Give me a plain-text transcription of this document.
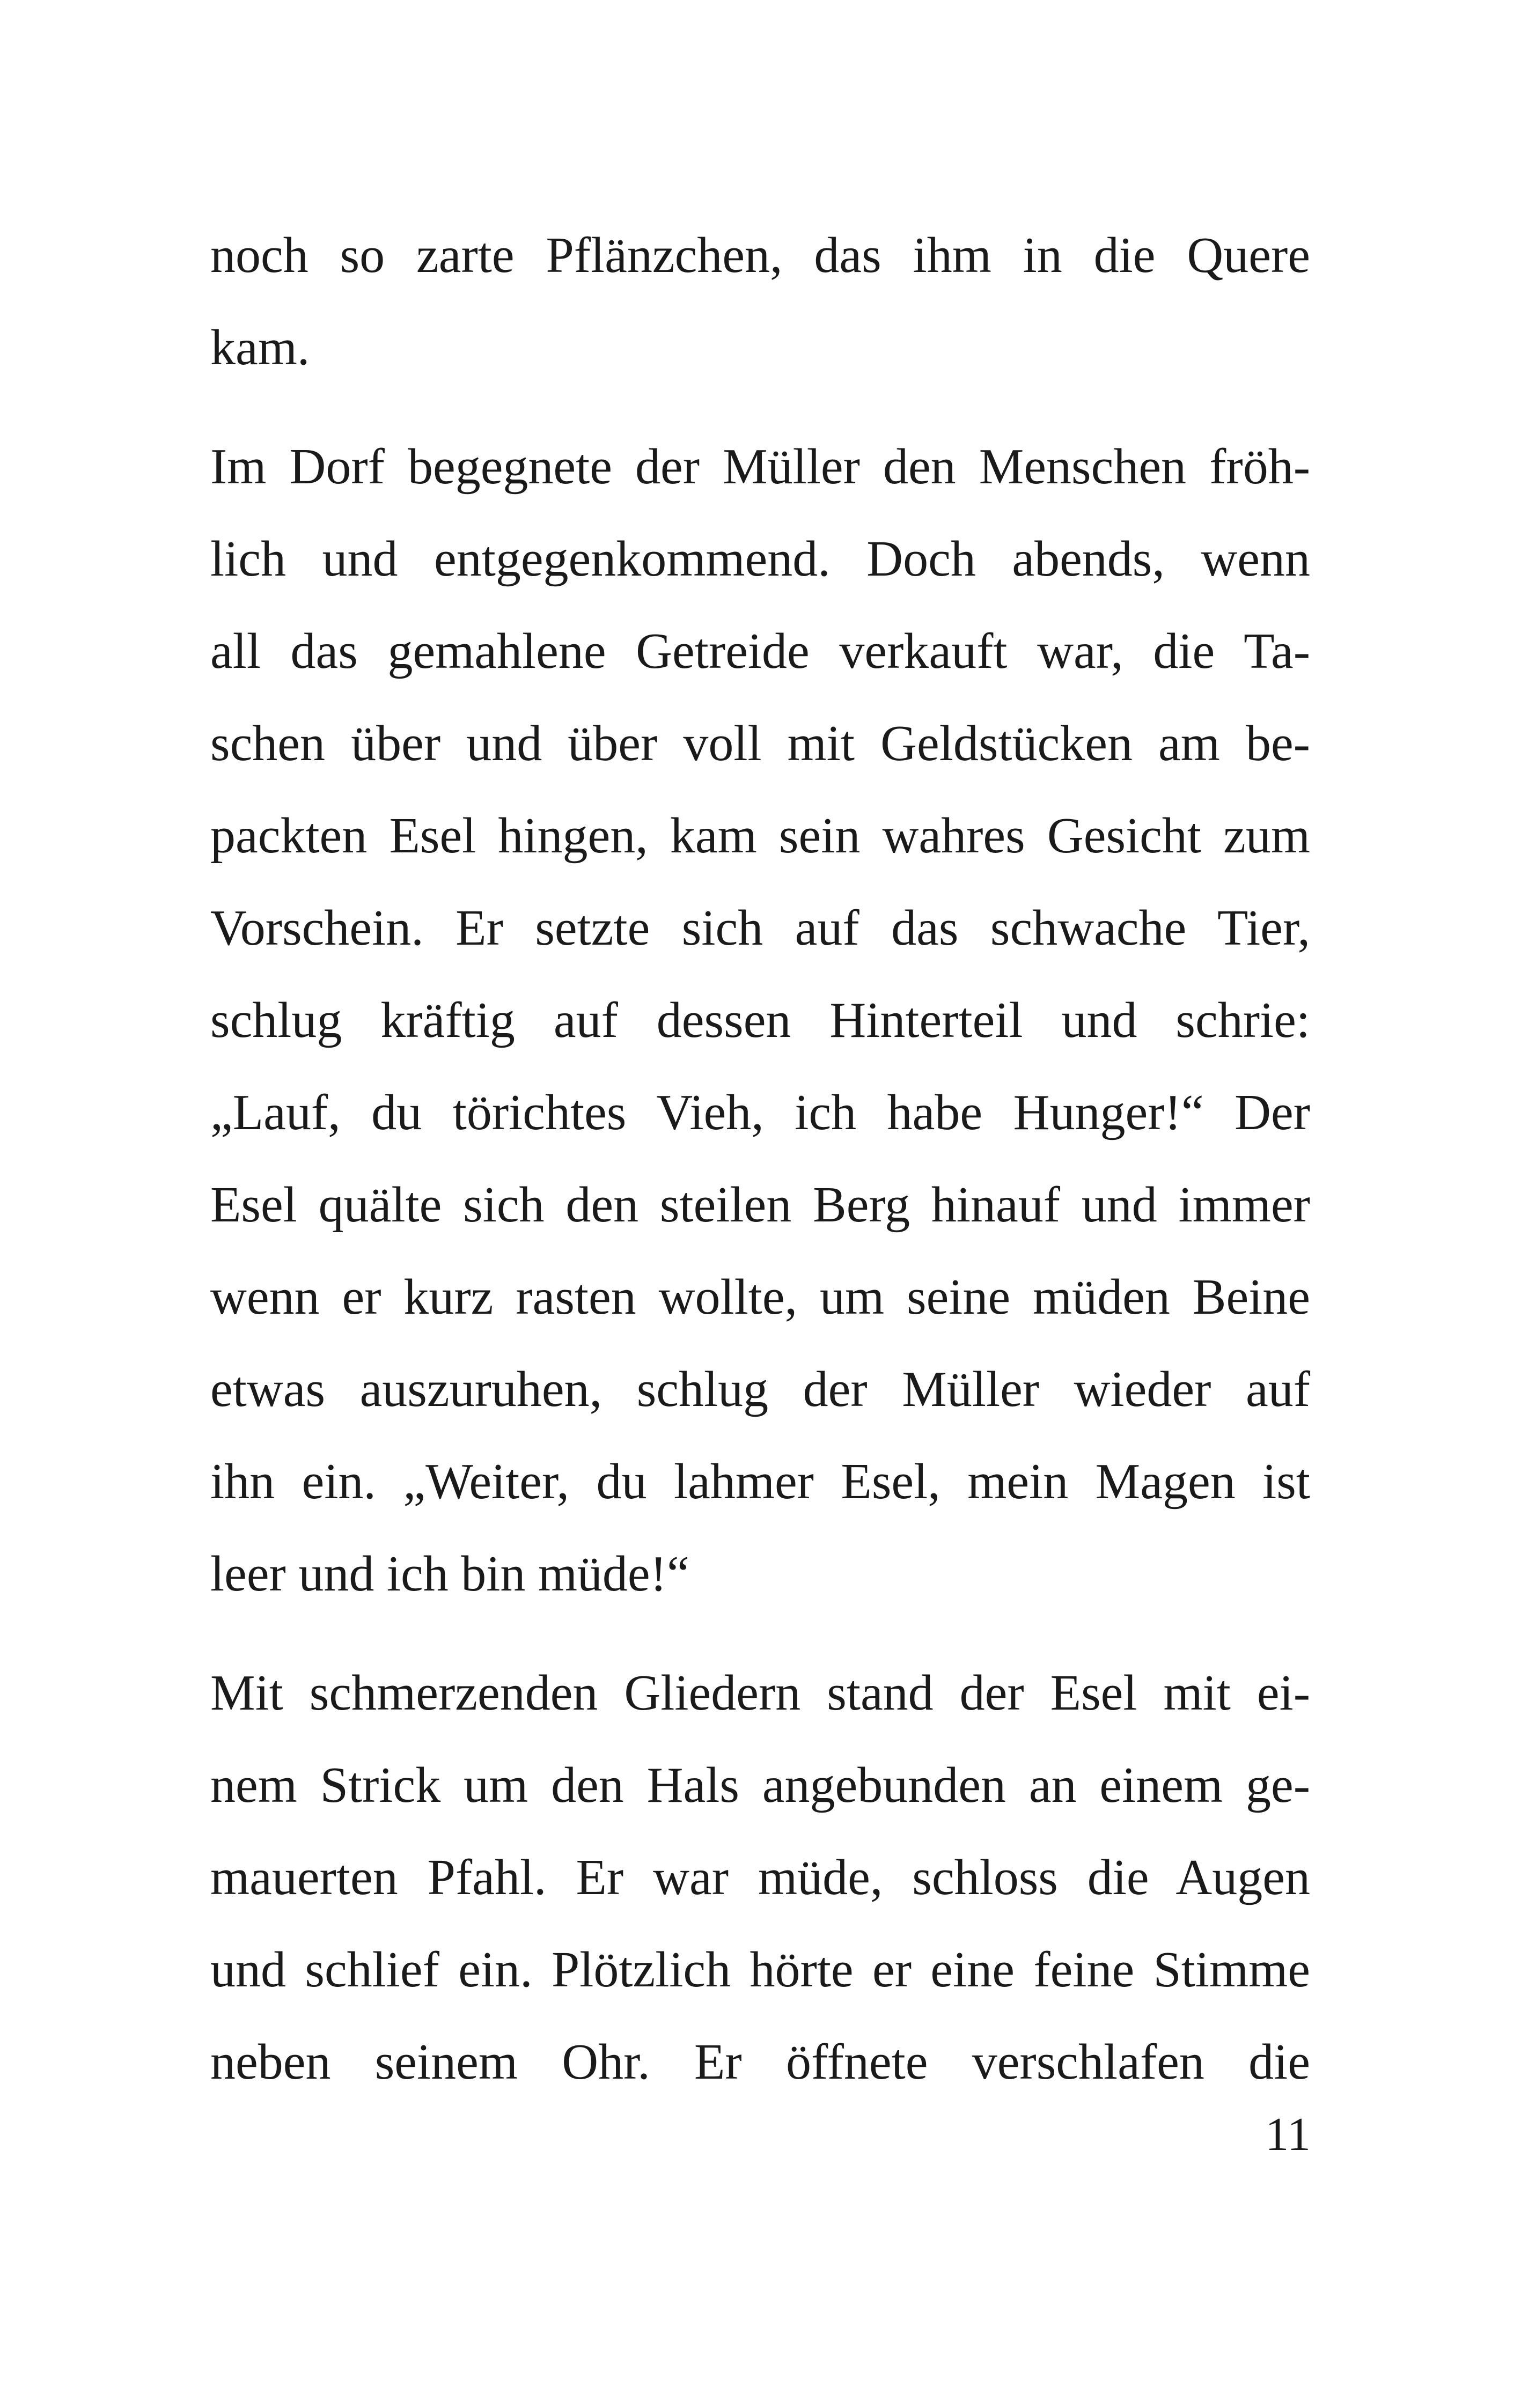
noch so zarte Pflänzchen, das ihm in die Quere
kam.
Im Dorf begegnete der Müller den Menschen fröh-
lich und entgegenkommend. Doch abends, wenn
all das gemahlene Getreide verkauft war, die Ta-
schen über und über voll mit Geldstücken am be-
packten Esel hingen, kam sein wahres Gesicht zum
Vorschein. Er setzte sich auf das schwache Tier,
schlug kräftig auf dessen Hinterteil und schrie:
„Lauf, du törichtes Vieh, ich habe Hunger!“ Der
Esel quälte sich den steilen Berg hinauf und immer
wenn er kurz rasten wollte, um seine müden Beine
etwas auszuruhen, schlug der Müller wieder auf
ihn ein. „Weiter, du lahmer Esel, mein Magen ist
leer und ich bin müde!“
Mit schmerzenden Gliedern stand der Esel mit ei-
nem Strick um den Hals angebunden an einem ge-
mauerten Pfahl. Er war müde, schloss die Augen
und schlief ein. Plötzlich hörte er eine feine Stimme
neben seinem Ohr. Er öffnete verschlafen die
11
